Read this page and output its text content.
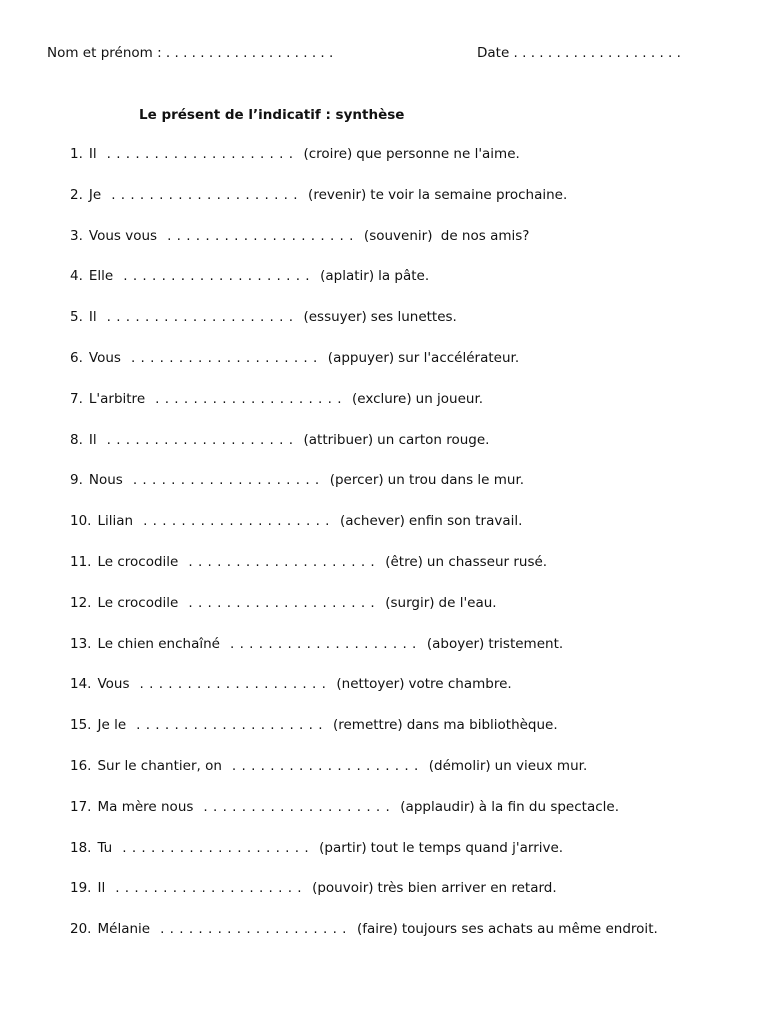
Nom et prénom : . . . . . . . . . . . . . . . . . . . .	Date . . . . . . . . . . . . . . . . . . . .
Le présent de l’indicatif : synthèse
1. Il . . . . . . . . . . . . . . . . . . . . (croire) que personne ne l'aime.
2. Je . . . . . . . . . . . . . . . . . . . . (revenir) te voir la semaine prochaine.
3. Vous vous . . . . . . . . . . . . . . . . . . . . (souvenir) de nos amis?
4. Elle . . . . . . . . . . . . . . . . . . . . (aplatir) la pâte.
5. Il . . . . . . . . . . . . . . . . . . . . (essuyer) ses lunettes.
6. Vous . . . . . . . . . . . . . . . . . . . . (appuyer) sur l'accélérateur.
7. L'arbitre . . . . . . . . . . . . . . . . . . . . (exclure) un joueur.
8. Il . . . . . . . . . . . . . . . . . . . . (attribuer) un carton rouge.
9. Nous . . . . . . . . . . . . . . . . . . . . (percer) un trou dans le mur.
10. Lilian . . . . . . . . . . . . . . . . . . . . (achever) enfin son travail.
11. Le crocodile . . . . . . . . . . . . . . . . . . . . (être) un chasseur rusé.
12. Le crocodile . . . . . . . . . . . . . . . . . . . . (surgir) de l'eau.
13. Le chien enchaîné . . . . . . . . . . . . . . . . . . . . (aboyer) tristement.
14. Vous . . . . . . . . . . . . . . . . . . . . (nettoyer) votre chambre.
15. Je le . . . . . . . . . . . . . . . . . . . . (remettre) dans ma bibliothèque.
16. Sur le chantier, on . . . . . . . . . . . . . . . . . . . . (démolir) un vieux mur.
17. Ma mère nous . . . . . . . . . . . . . . . . . . . . (applaudir) à la fin du spectacle.
18. Tu . . . . . . . . . . . . . . . . . . . . (partir) tout le temps quand j'arrive.
19. Il . . . . . . . . . . . . . . . . . . . . (pouvoir) très bien arriver en retard.
20. Mélanie . . . . . . . . . . . . . . . . . . . . (faire) toujours ses achats au même endroit.
